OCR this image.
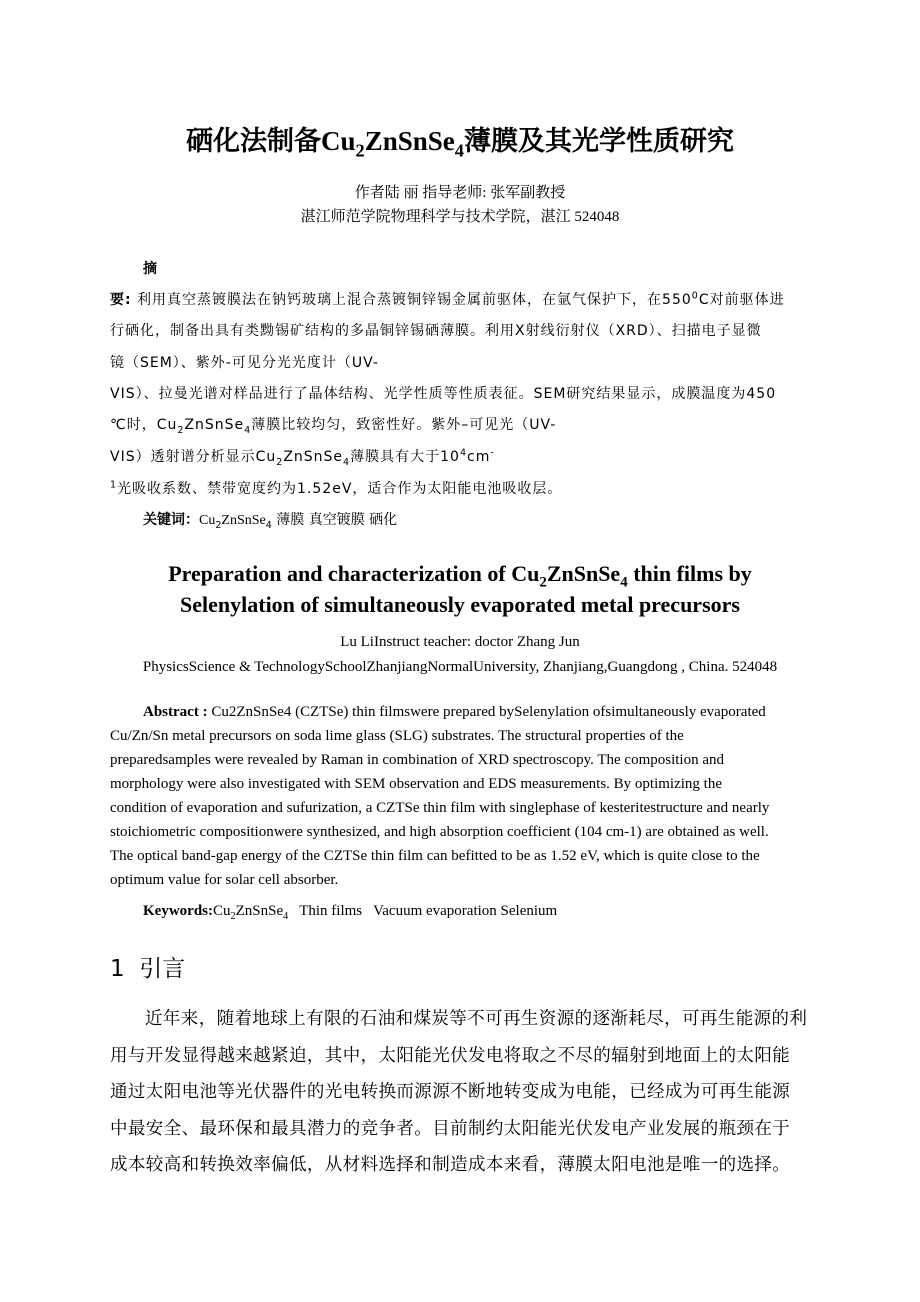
硒化法制备$Cu_2ZnSnSe_4$薄膜及其光学性质研究
作者陆 丽 指导老师: 张军副教授
湛江师范学院物理科学与技术学院，湛江 524048
摘
要: 利用真空蒸镀膜法在钠钙玻璃上混合蒸镀铜锌锡金属前驱体，在氩气保护下，在$550^0C$对前驱体进
行硒化，制备出具有类黝锡矿结构的多晶铜锌锡硒薄膜。利用X射线衍射仪（XRD）、扫描电子显微
镜（SEM）、紫外-可见分光光度计（UV-
VIS）、拉曼光谱对样品进行了晶体结构、光学性质等性质表征。SEM研究结果显示，成膜温度为450
℃时，$Cu_2ZnSnSe_4$薄膜比较均匀，致密性好。紫外–可见光（UV-
VIS）透射谱分析显示$Cu_2ZnSnSe_4$薄膜具有大于$10^4cm^-$
$^1$光吸收系数、禁带宽度约为1.52eV，适合作为太阳能电池吸收层。
关键词：$Cu_2ZnSnSe_4$ 薄膜 真空镀膜 硒化
Preparation and characterization of $Cu_2ZnSnSe_4$ thin films by
Selenylation of simultaneously evaporated metal precursors
Lu LiInstruct teacher: doctor Zhang Jun
PhysicsScience & TechnologySchoolZhanjiangNormalUniversity, Zhanjiang,Guangdong , China. 524048
Abstract : Cu2ZnSnSe4 (CZTSe) thin filmswere prepared bySelenylation ofsimultaneously evaporated
Cu/Zn/Sn metal precursors on soda lime glass (SLG) substrates. The structural properties of the
preparedsamples were revealed by Raman in combination of XRD spectroscopy. The composition and
morphology were also investigated with SEM observation and EDS measurements. By optimizing the
condition of evaporation and sufurization, a CZTSe thin film with singlephase of kesteritestructure and nearly
stoichiometric compositionwere synthesized, and high absorption coefficient (104 cm-1) are obtained as well.
The optical band-gap energy of the CZTSe thin film can befitted to be as 1.52 eV, which is quite close to the
optimum value for solar cell absorber.
$Keywords:Cu_2ZnSnSe_4$   Thin films   Vacuum evaporation Selenium
1 引言
近年来，随着地球上有限的石油和煤炭等不可再生资源的逐渐耗尽，可再生能源的利
用与开发显得越来越紧迫，其中，太阳能光伏发电将取之不尽的辐射到地面上的太阳能
通过太阳电池等光伏器件的光电转换而源源不断地转变成为电能，已经成为可再生能源
中最安全、最环保和最具潜力的竞争者。目前制约太阳能光伏发电产业发展的瓶颈在于
成本较高和转换效率偏低，从材料选择和制造成本来看，薄膜太阳电池是唯一的选择。
